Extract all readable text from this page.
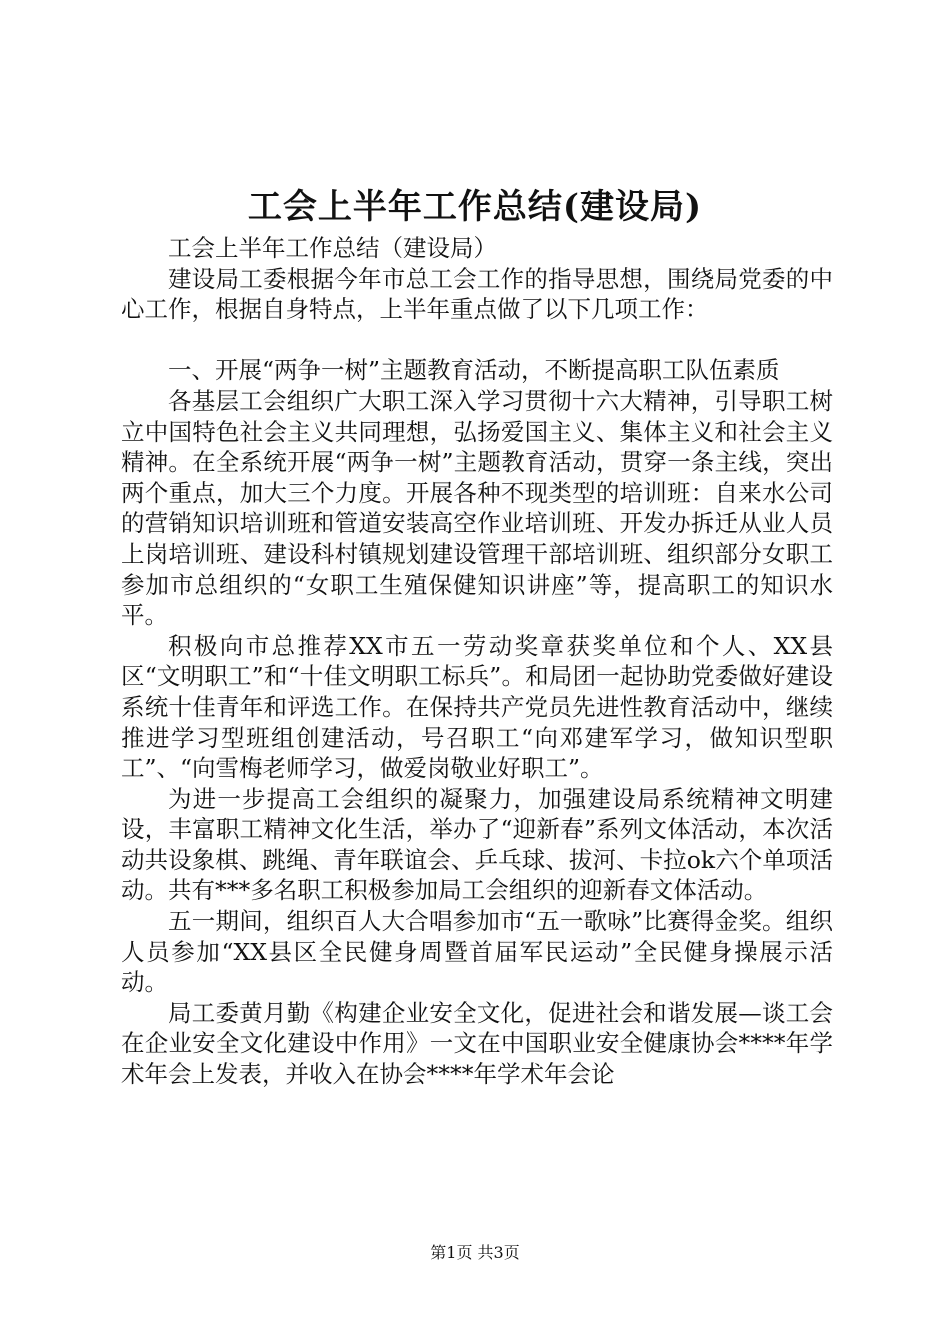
工会上半年工作总结(建设局)

工会上半年工作总结（建设局）

建设局工委根据今年市总工会工作的指导思想，围绕局党委的中心工作，根据自身特点，上半年重点做了以下几项工作：

一、开展“两争一树”主题教育活动，不断提高职工队伍素质

各基层工会组织广大职工深入学习贯彻十六大精神，引导职工树立中国特色社会主义共同理想，弘扬爱国主义、集体主义和社会主义精神。在全系统开展“两争一树”主题教育活动，贯穿一条主线，突出两个重点，加大三个力度。开展各种不现类型的培训班：自来水公司的营销知识培训班和管道安装高空作业培训班、开发办拆迁从业人员上岗培训班、建设科村镇规划建设管理干部培训班、组织部分女职工参加市总组织的“女职工生殖保健知识讲座”等，提高职工的知识水平。

积极向市总推荐XX市五一劳动奖章获奖单位和个人、XX县区“文明职工”和“十佳文明职工标兵”。和局团一起协助党委做好建设系统十佳青年和评选工作。在保持共产党员先进性教育活动中，继续推进学习型班组创建活动，号召职工“向邓建军学习，做知识型职工”、“向雪梅老师学习，做爱岗敬业好职工”。

为进一步提高工会组织的凝聚力，加强建设局系统精神文明建设，丰富职工精神文化生活，举办了“迎新春”系列文体活动，本次活动共设象棋、跳绳、青年联谊会、乒乓球、拔河、卡拉ok六个单项活动。共有***多名职工积极参加局工会组织的迎新春文体活动。

五一期间，组织百人大合唱参加市“五一歌咏”比赛得金奖。组织人员参加“XX县区全民健身周暨首届军民运动”全民健身操展示活动。

局工委黄月勤《构建企业安全文化，促进社会和谐发展—谈工会在企业安全文化建设中作用》一文在中国职业安全健康协会****年学术年会上发表，并收入在协会****年学术年会论

第1页 共3页
